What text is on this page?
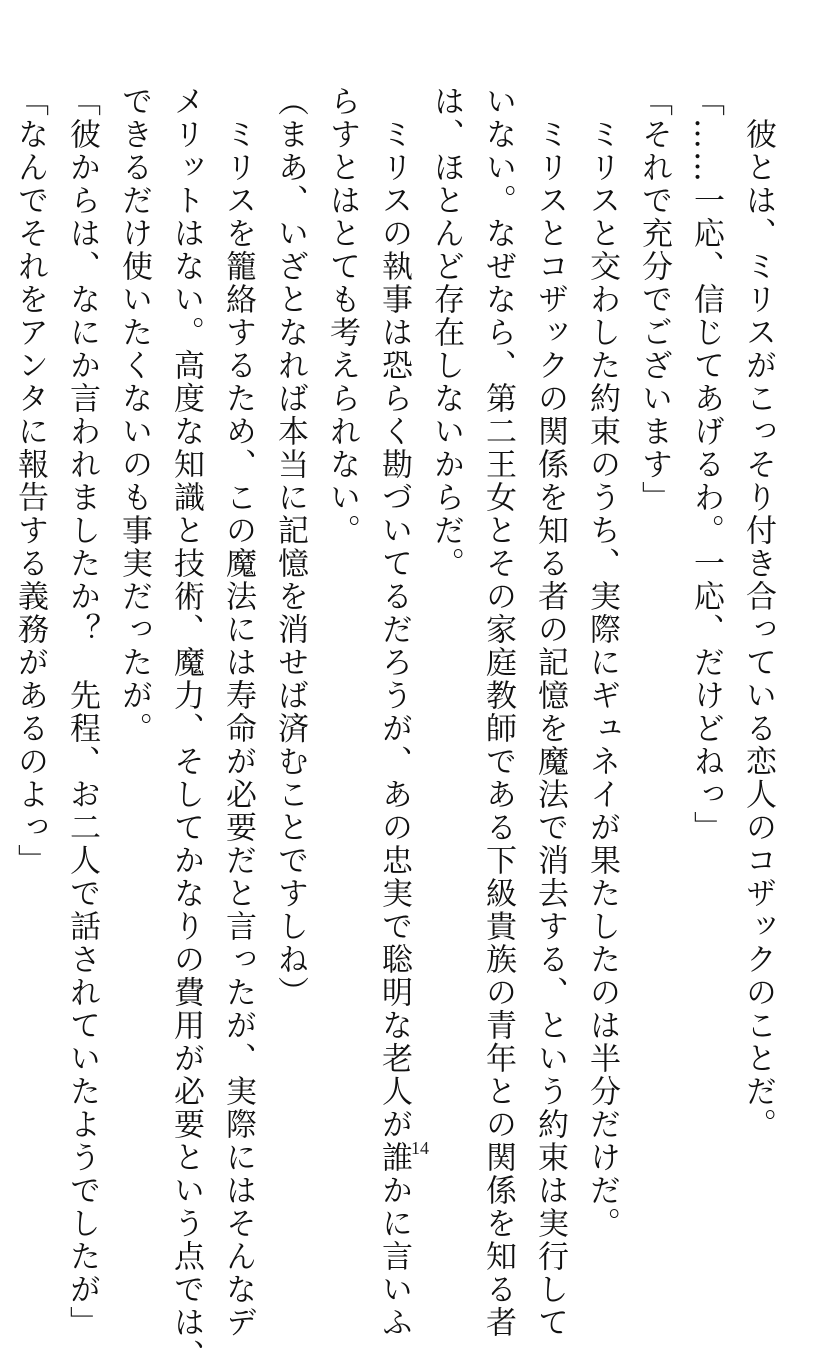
　彼とは、ミリスがこっそり付き合っている恋人のコザックのことだ。
「……一応、信じてあげるわ。一応、だけどねっ」
「それで充分でございます」
　ミリスと交わした約束のうち、実際にギュネイが果たしたのは半分だけだ。
　ミリスとコザックの関係を知る者の記憶を魔法で消去する、という約束は実行して
いない。なぜなら、第二王女とその家庭教師である下級貴族の青年との関係を知る者
は、ほとんど存在しないからだ。
　ミリスの執事は恐らく勘づいてるだろうが、あの忠実で聡明な老人が誰かに言いふ
らすとはとても考えられない。
（まあ、いざとなれば本当に記憶を消せば済むことですしね）
　ミリスを籠絡するため、この魔法には寿命が必要だと言ったが、実際にはそんなデ
メリットはない。高度な知識と技術、魔力、そしてかなりの費用が必要という点では、
できるだけ使いたくないのも事実だったが。
「彼からは、なにか言われましたか？　先程、お二人で話されていたようでしたが」
「なんでそれをアンタに報告する義務があるのよっ」
14
